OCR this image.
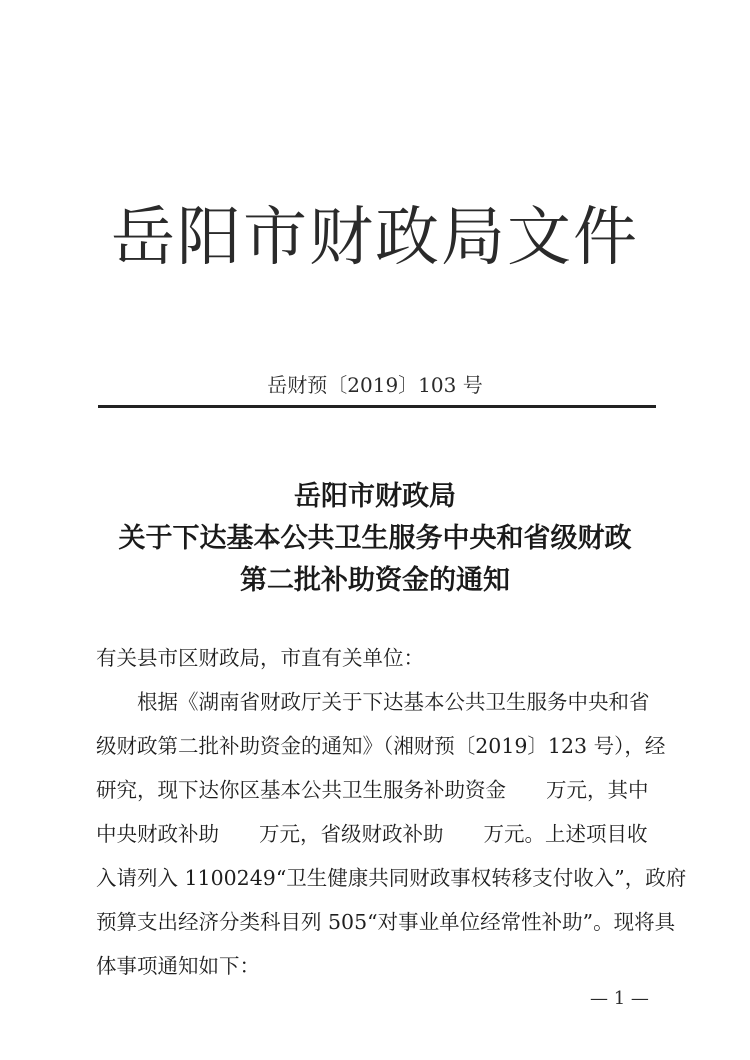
岳阳市财政局文件
岳财预〔2019〕103 号
岳阳市财政局
关于下达基本公共卫生服务中央和省级财政
第二批补助资金的通知
有关县市区财政局，市直有关单位：
根据《湖南省财政厅关于下达基本公共卫生服务中央和省
级财政第二批补助资金的通知》（湘财预〔2019〕123 号），经
研究，现下达你区基本公共卫生服务补助资金 万元，其中
中央财政补助 万元，省级财政补助 万元。上述项目收
入请列入 1100249“卫生健康共同财政事权转移支付收入”，政府
预算支出经济分类科目列 505“对事业单位经常性补助”。现将具
体事项通知如下：
— 1 —
